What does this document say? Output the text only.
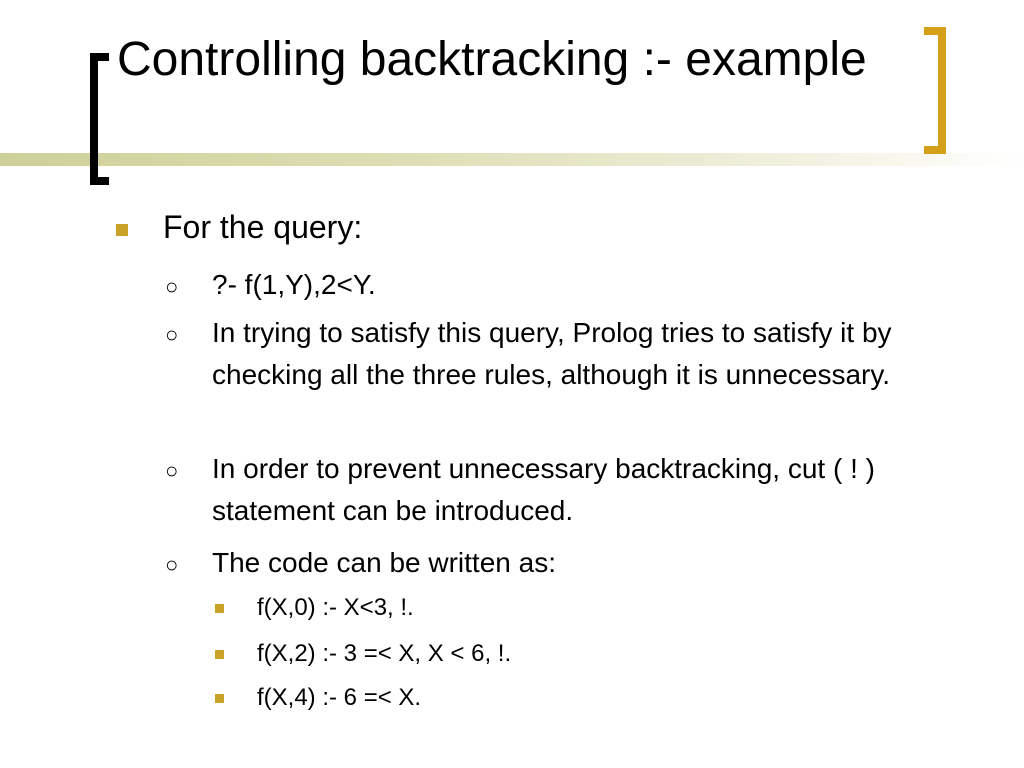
Controlling backtracking :- example
For the query:
○ ?- f(1,Y),2<Y.
○ In trying to satisfy this query, Prolog tries to satisfy it by checking all the three rules, although it is unnecessary.
○ In order to prevent unnecessary backtracking, cut ( ! ) statement can be introduced.
○ The code can be written as:
f(X,0) :- X<3, !.
f(X,2) :- 3 =< X, X < 6, !.
f(X,4) :- 6 =< X.
